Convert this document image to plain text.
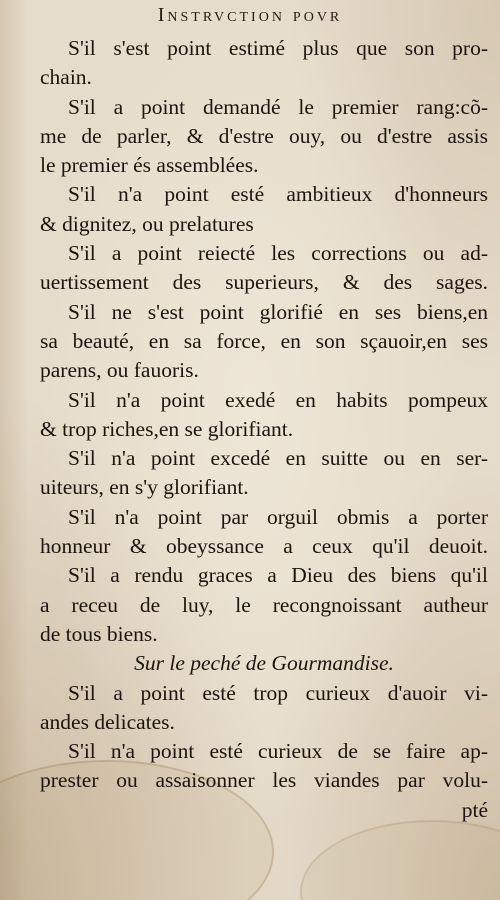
Instrvction povr
S'il s'est point estimé plus que son pro-
chain.
S'il a point demandé le premier rang:cõ-
me de parler, & d'estre ouy, ou d'estre assis
le premier és assemblées.
S'il n'a point esté ambitieux d'honneurs
& dignitez, ou prelatures
S'il a point reiecté les corrections ou ad-
uertissement des superieurs, & des sages.
S'il ne s'est point glorifié en ses biens,en
sa beauté, en sa force, en son sçauoir,en ses
parens, ou fauoris.
S'il n'a point exedé en habits pompeux
& trop riches,en se glorifiant.
S'il n'a point excedé en suitte ou en ser-
uiteurs, en s'y glorifiant.
S'il n'a point par orguil obmis a porter
honneur & obeyssance a ceux qu'il deuoit.
S'il a rendu graces a Dieu des biens qu'il
a receu de luy, le recongnoissant autheur
de tous biens.
Sur le peché de Gourmandise.
S'il a point esté trop curieux d'auoir vi-
andes delicates.
S'il n'a point esté curieux de se faire ap-
prester ou assaisonner les viandes par volu-
pté
